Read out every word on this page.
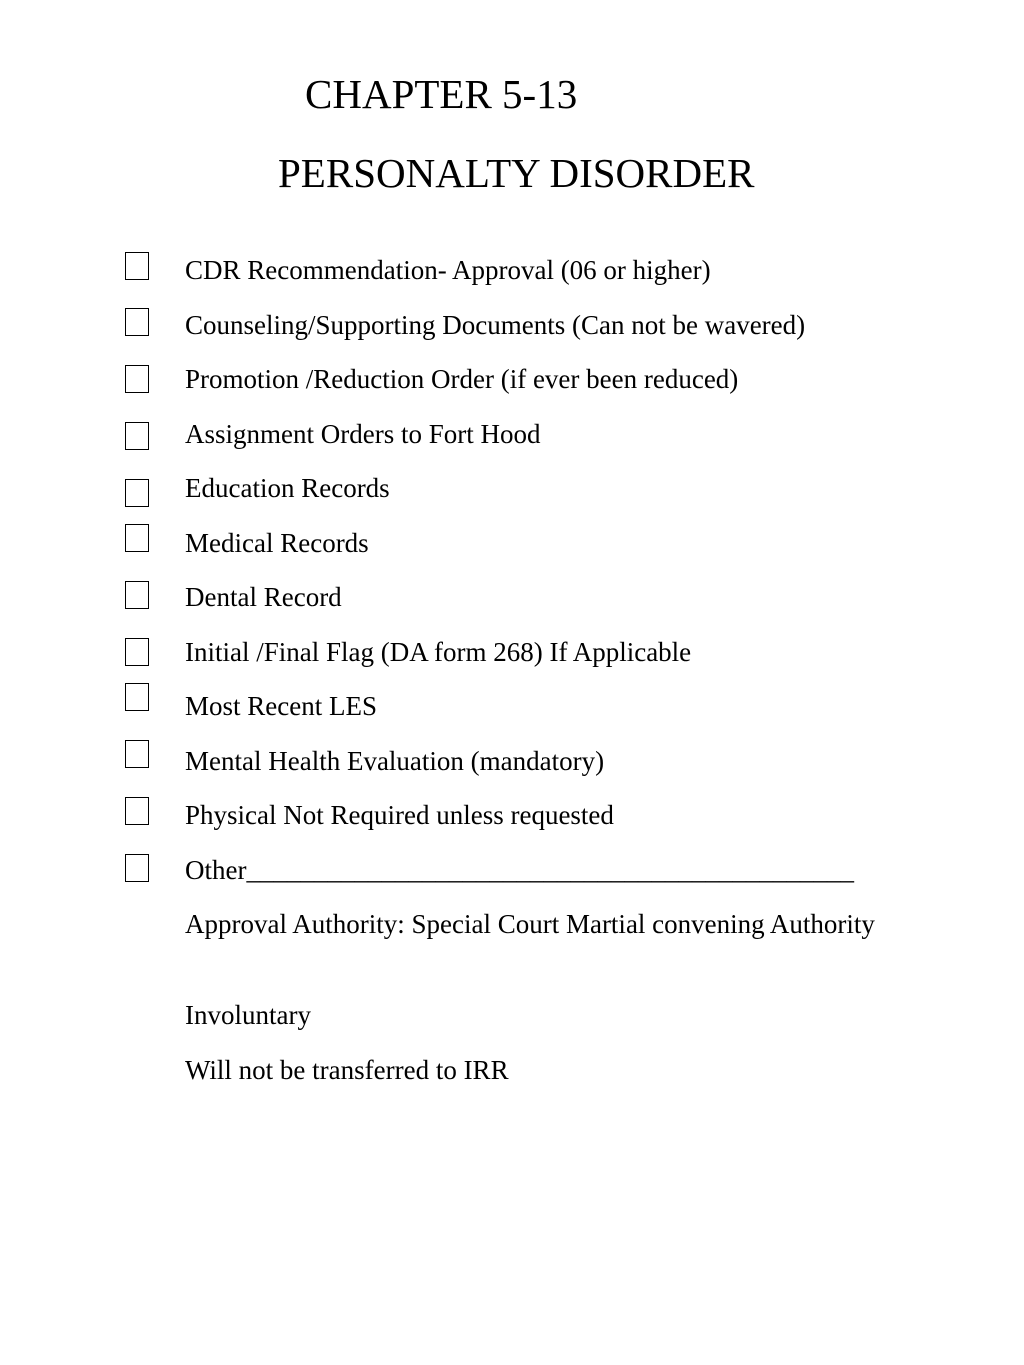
CHAPTER 5-13
PERSONALTY DISORDER
CDR Recommendation- Approval (06 or higher)
Counseling/Supporting Documents (Can not be wavered)
Promotion /Reduction Order (if ever been reduced)
Assignment Orders to Fort Hood
Education Records
Medical Records
Dental Record
Initial /Final Flag (DA form 268) If Applicable
Most Recent LES
Mental Health Evaluation (mandatory)
Physical Not Required unless requested
Other_____________________________________________
Approval Authority: Special Court Martial convening Authority
Involuntary
Will not be transferred to IRR
